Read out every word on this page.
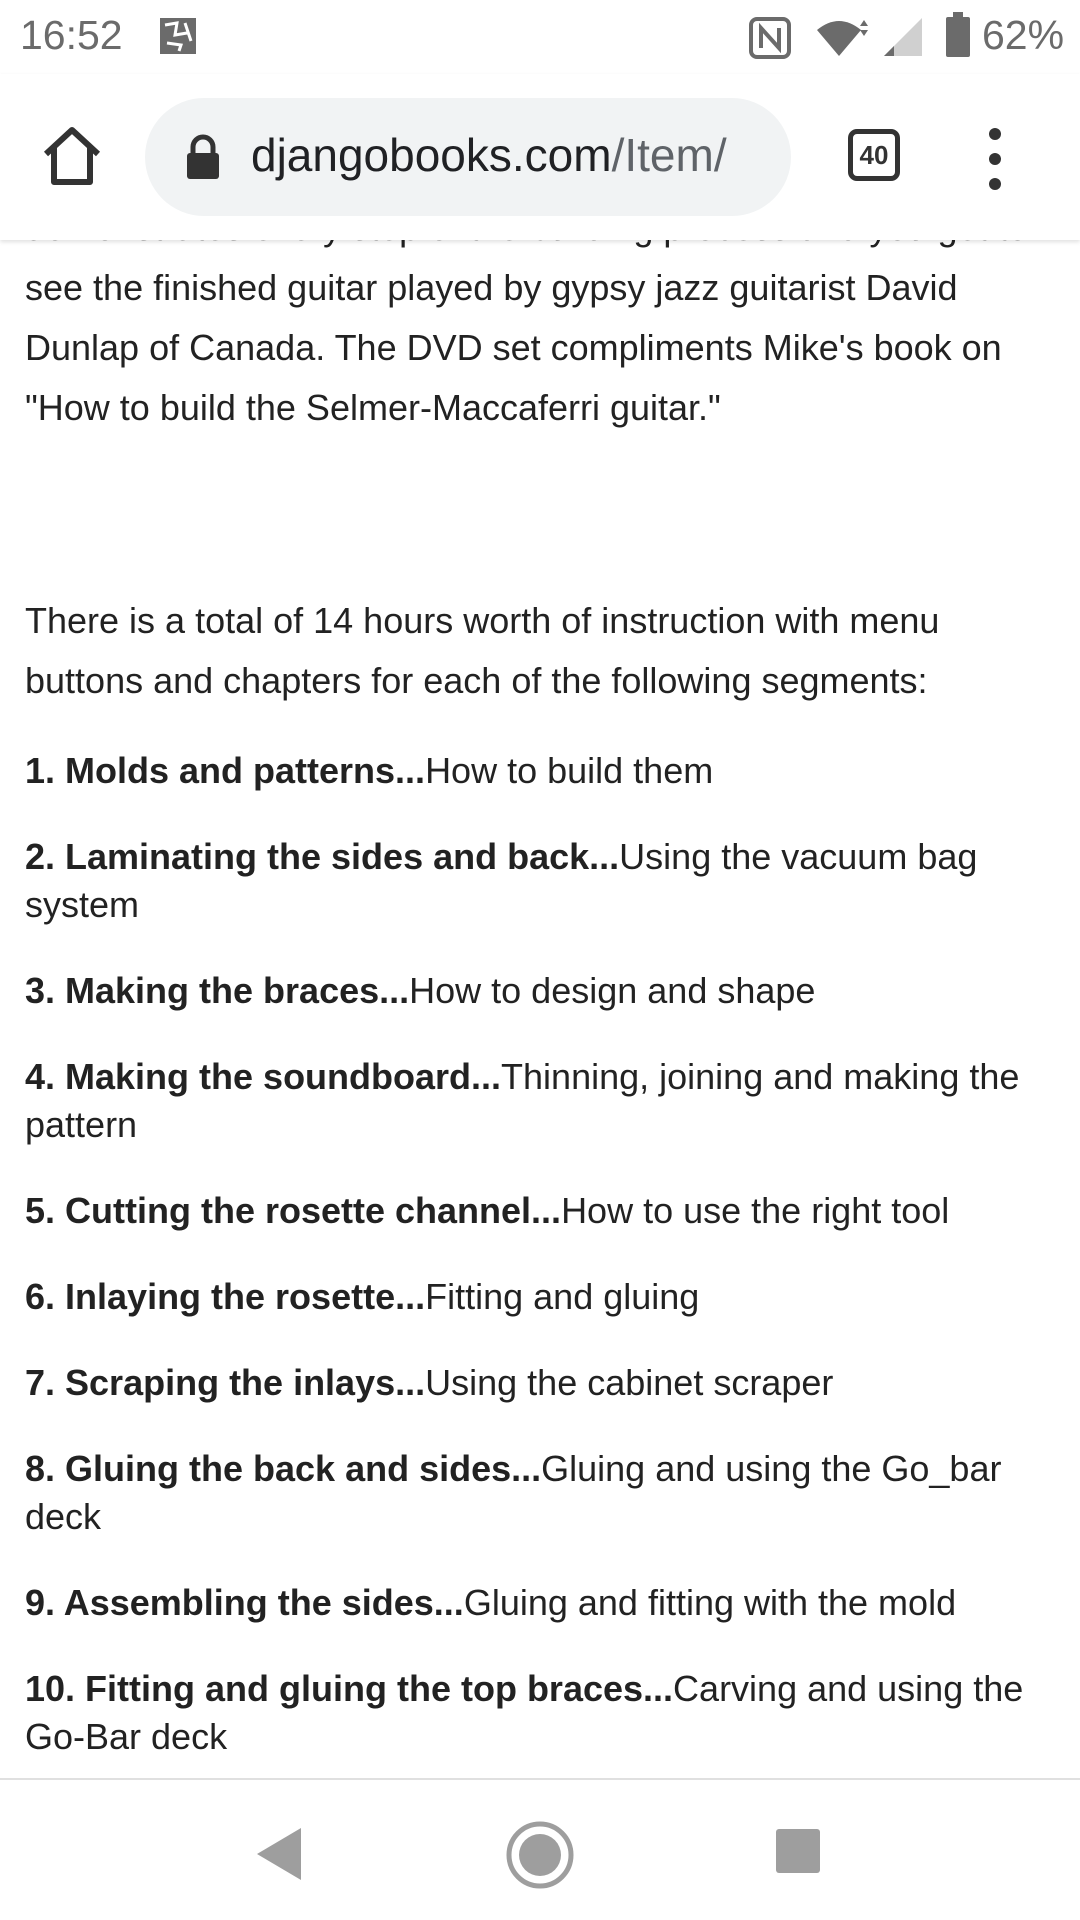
16:52	62%
djangobooks.com/Item/	40

see the finished guitar played by gypsy jazz guitarist David Dunlap of Canada. The DVD set compliments Mike's book on "How to build the Selmer-Maccaferri guitar."

There is a total of 14 hours worth of instruction with menu buttons and chapters for each of the following segments:

1. Molds and patterns...How to build them

2. Laminating the sides and back...Using the vacuum bag system

3. Making the braces...How to design and shape

4. Making the soundboard...Thinning, joining and making the pattern

5. Cutting the rosette channel...How to use the right tool

6. Inlaying the rosette...Fitting and gluing

7. Scraping the inlays...Using the cabinet scraper

8. Gluing the back and sides...Gluing and using the Go_bar deck

9. Assembling the sides...Gluing and fitting with the mold

10. Fitting and gluing the top braces...Carving and using the Go-Bar deck
